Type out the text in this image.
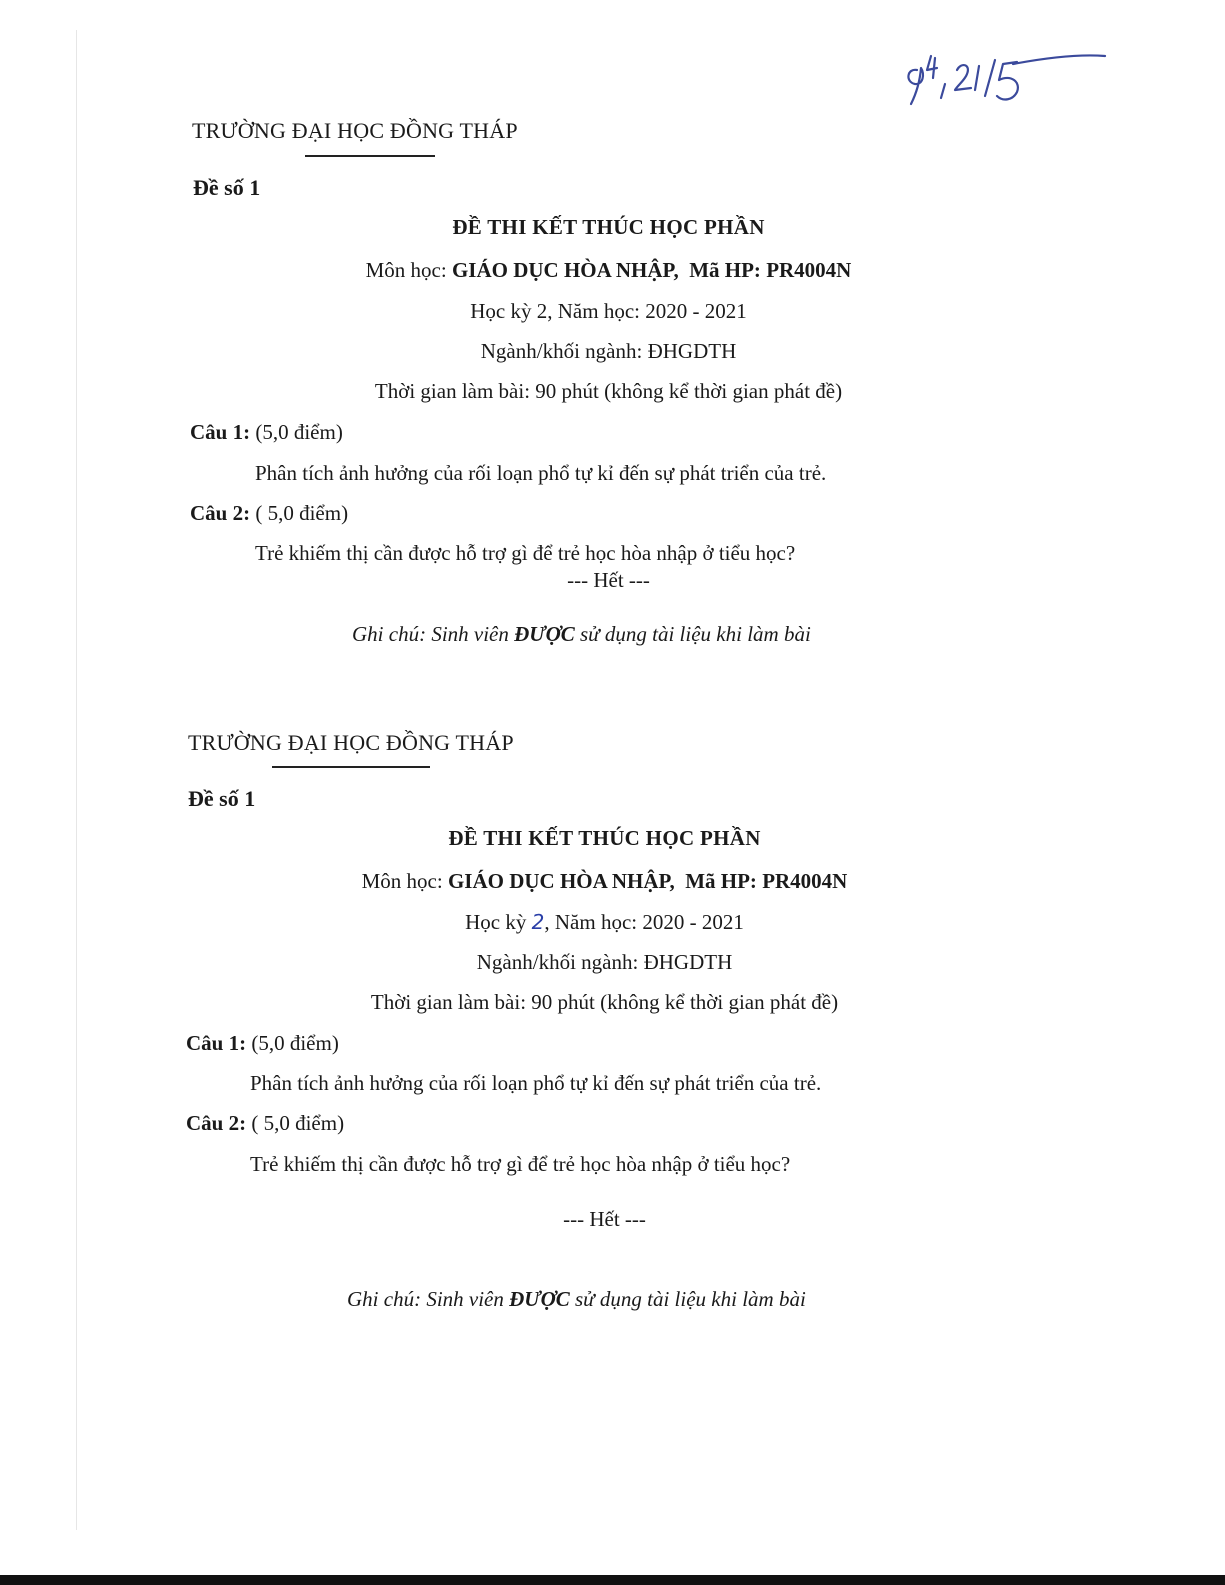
9⁴, 21/5
TRƯỜNG ĐẠI HỌC ĐỒNG THÁP
Đề số 1
ĐỀ THI KẾT THÚC HỌC PHẦN
Môn học: GIÁO DỤC HÒA NHẬP, Mã HP: PR4004N
Học kỳ 2, Năm học: 2020 - 2021
Ngành/khối ngành: ĐHGDTH
Thời gian làm bài: 90 phút (không kể thời gian phát đề)
Câu 1: (5,0 điểm)
Phân tích ảnh hưởng của rối loạn phổ tự kỉ đến sự phát triển của trẻ.
Câu 2: ( 5,0 điểm)
Trẻ khiếm thị cần được hỗ trợ gì để trẻ học hòa nhập ở tiểu học?
--- Hết ---
Ghi chú: Sinh viên ĐƯỢC sử dụng tài liệu khi làm bài
TRƯỜNG ĐẠI HỌC ĐỒNG THÁP
Đề số 1
ĐỀ THI KẾT THÚC HỌC PHẦN
Môn học: GIÁO DỤC HÒA NHẬP, Mã HP: PR4004N
Học kỳ 2, Năm học: 2020 - 2021
Ngành/khối ngành: ĐHGDTH
Thời gian làm bài: 90 phút (không kể thời gian phát đề)
Câu 1: (5,0 điểm)
Phân tích ảnh hưởng của rối loạn phổ tự kỉ đến sự phát triển của trẻ.
Câu 2: ( 5,0 điểm)
Trẻ khiếm thị cần được hỗ trợ gì để trẻ học hòa nhập ở tiểu học?
--- Hết ---
Ghi chú: Sinh viên ĐƯỢC sử dụng tài liệu khi làm bài
